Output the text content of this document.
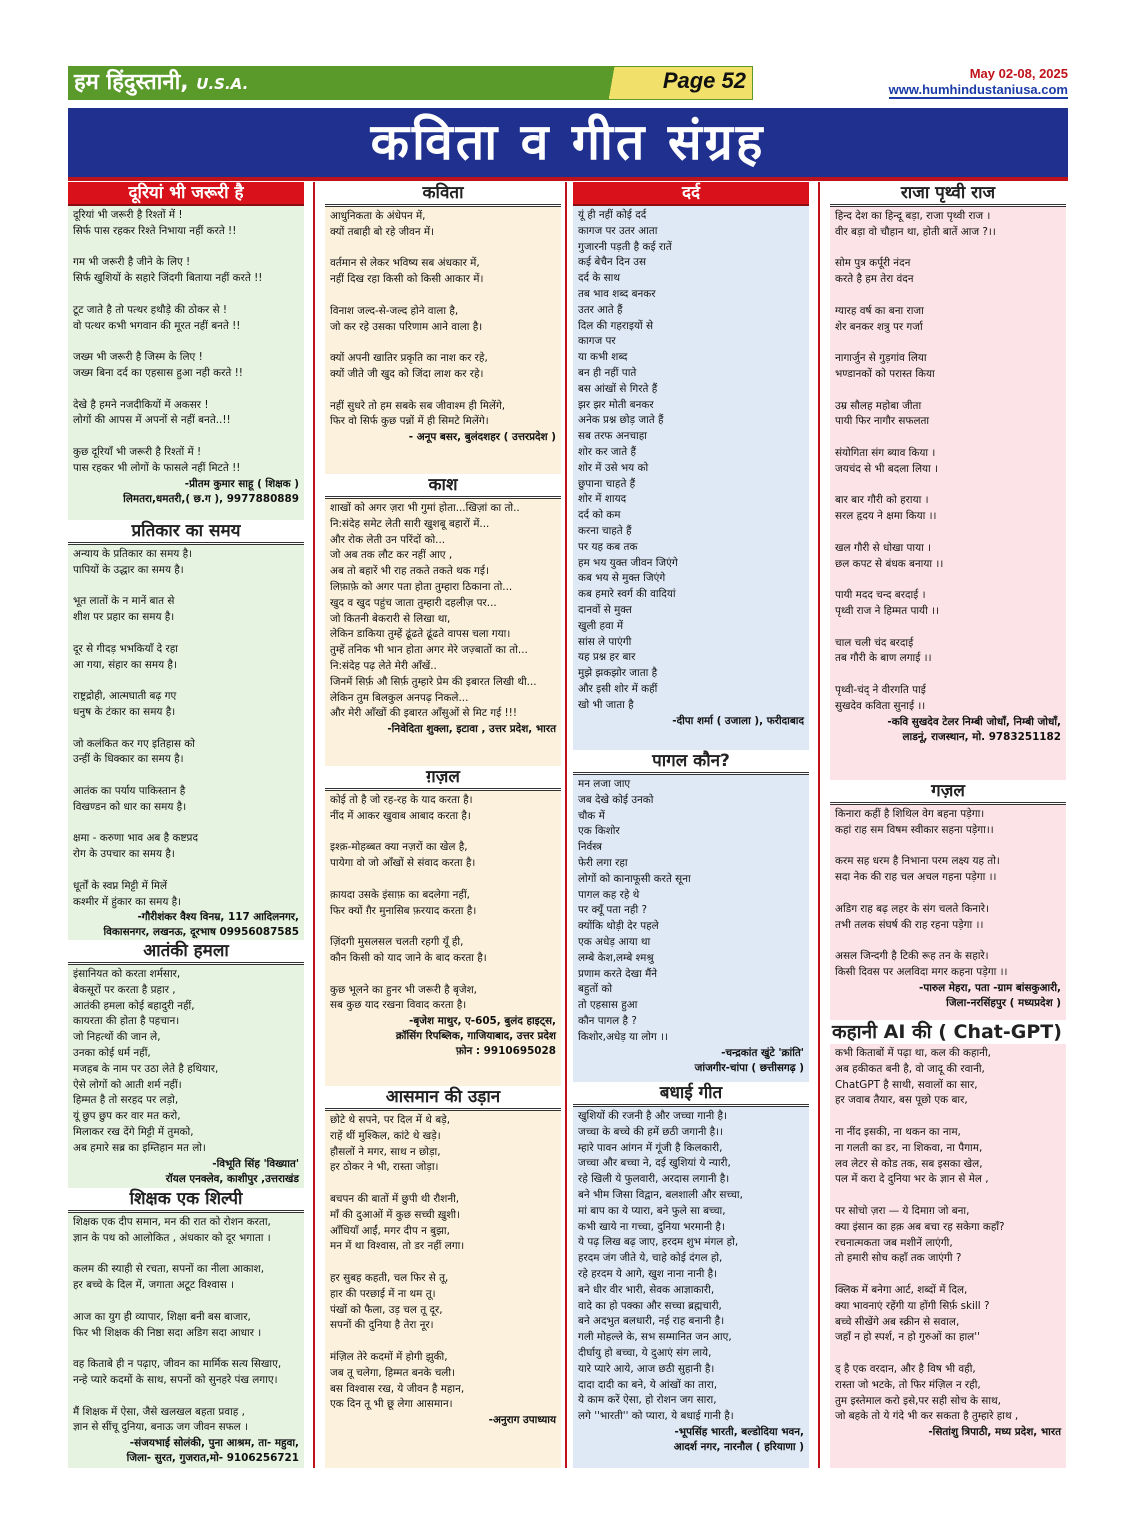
हम हिंदुस्तानी, U.S.A.	Page 52	May 02-08, 2025
www.humhindustaniusa.com
कविता व गीत संग्रह
दूरियां भी जरूरी है

दूरियां भी जरूरी है रिश्तों में !
सिर्फ पास रहकर रिश्ते निभाया नहीं करते !!

गम भी जरूरी है जीने के लिए !
सिर्फ खुशियों के सहारे जिंदगी बिताया नहीं करते !!

टूट जाते है तो पत्थर हथौड़े की ठोकर से !
वो पत्थर कभी भगवान की मूरत नहीं बनते !!

जख्म भी जरूरी है जिस्म के लिए !
जख्म बिना दर्द का एहसास हुआ नही करते !!

देखे है हमने नजदीकियों में अकसर !
लोगों की आपस में अपनों से नहीं बनते..!!

कुछ दूरियाँ भी जरूरी है रिश्तों में !
पास रहकर भी लोगों के फासले नहीं मिटते !!

-प्रीतम कुमार साहू ( शिक्षक )
लिमतरा,धमतरी,( छ.ग ), 9977880889
प्रतिकार का समय

अन्याय के प्रतिकार का समय है।
पापियों के उद्धार का समय है।

भूत लातों के न मानें बात से
शीश पर प्रहार का समय है।

दूर से गीदड़ भभकियाँ दे रहा
आ गया, संहार का समय है।

राष्ट्रद्रोही, आत्मघाती बढ़ गए
धनुष के टंकार का समय है।

जो कलंकित कर गए इतिहास को
उन्हीं के धिक्कार का समय है।

आतंक का पर्याय पाकिस्तान है
विखण्डन को धार का समय है।

क्षमा - करुणा भाव अब है कष्टप्रद
रोग के उपचार का समय है।

धूर्तों के स्वप्न मिट्टी में मिलें
कश्मीर में हुंकार का समय है।

-गौरीशंकर वैश्य विनम्र, 117 आदिलनगर,
विकासनगर, लखनऊ, दूरभाष 09956087585
आतंकी हमला

इंसानियत को करता शर्मसार,
बेकसूरों पर करता है प्रहार ,
आतंकी हमला कोई बहादुरी नहीं,
कायरता की होता है पहचान।
जो निहत्थों की जान ले,
उनका कोई धर्म नहीं,
मजहब के नाम पर उठा लेते है हथियार,
ऐसे लोगों को आती शर्म नहीं।
हिम्मत है तो सरहद पर लड़ो,
यूं छुप छुप कर वार मत करो,
मिलाकर रख देंगे मिट्टी में तुमको,
अब हमारे सब्र का इम्तिहान मत लो।

-विभूति सिंह 'विख्यात'
रॉयल एनक्लेव, काशीपुर ,उत्तराखंड
शिक्षक एक शिल्पी

शिक्षक एक दीप समान, मन की रात को रोशन करता,
ज्ञान के पथ को आलोकित , अंधकार को दूर भगाता ।

कलम की स्याही से रचता, सपनों का नीला आकाश,
हर बच्चे के दिल में, जगाता अटूट विश्वास ।

आज का युग ही व्यापार, शिक्षा बनी बस बाजार,
फिर भी शिक्षक की निष्ठा सदा अडिग सदा आधार ।

वह किताबे ही न पढ़ाए, जीवन का मार्मिक सत्य सिखाए,
नन्हे प्यारे कदमों के साथ, सपनों को सुनहरे पंख लगाए।

मैं शिक्षक में ऐसा, जैसे खलखल बहता प्रवाह ,
ज्ञान से सींचू दुनिया, बनाऊ जग जीवन सफल ।

-संजयभाई सोलंकी, पुना आश्रम, ता- महुवा,
जिला- सुरत, गुजरात,मो- 9106256721
कविता

आधुनिकता के अंधेपन में,
क्यों तबाही बो रहे जीवन में।

वर्तमान से लेकर भविष्य सब अंधकार में,
नहीं दिख रहा किसी को किसी आकार में।

विनाश जल्द-से-जल्द होने वाला है,
जो कर रहे उसका परिणाम आने वाला है।

क्यों अपनी खातिर प्रकृति का नाश कर रहे,
क्यों जीते जी खुद को जिंदा लाश कर रहे।

नहीं सुधरे तो हम सबके सब जीवाश्म ही मिलेंगे,
फिर वो सिर्फ कुछ पन्नों में ही सिमटे मिलेंगे।

- अनूप बसर, बुलंदशहर ( उत्तरप्रदेश )
काश

शाखों को अगर ज़रा भी गुमां होता...खिज़ां का तो..
नि:संदेह समेट लेती सारी खुशबू बहारों में...
और रोक लेती उन परिंदों को...
जो अब तक लौट कर नहीं आए ,
अब तो बहारें भी राह तकते तकते थक गई।
लिफ़ाफ़े को अगर पता होता तुम्हारा ठिकाना तो...
खुद व खुद पहुंच जाता तुम्हारी दहलीज़ पर...
जो कितनी बेकरारी से लिखा था,
लेकिन डाकिया तुम्हें ढूंढते ढूंढते वापस चला गया।
तुम्हें तनिक भी भान होता अगर मेरे जज़्बातों का तो...
नि:संदेह पढ़ लेते मेरी आँखें..
जिनमें सिर्फ़ औ सिर्फ़ तुम्हारे प्रेम की इबारत लिखी थी...
लेकिन तुम बिलकुल अनपढ़ निकले...
और मेरी आँखों की इबारत आँसुओं से मिट गई !!!

-निवेदिता शुक्ला, इटावा , उत्तर प्रदेश, भारत
ग़ज़ल

कोई तो है जो रह-रह के याद करता है।
नींद में आकर खुवाब आबाद करता है।

इश्क़-मोहब्बत क्या नज़रों का खेल है,
पायेगा वो जो आँखों से संवाद करता है।

क़ायदा उसके इंसाफ़ का बदलेगा नहीं,
फिर क्यों ग़ैर मुनासिब फ़रयाद करता है।

ज़िंदगी मुसलसल चलती रहगी यूँ ही,
कौन किसी को याद जाने के बाद करता है।

कुछ भूलने का हुनर भी जरूरी है बृजेश,
सब कुछ याद रखना विवाद करता है।

-बृजेश माथुर, ए-605, बुलंद हाइट्स,
क्रॉसिंग रिपब्लिक, गाजियाबाद, उत्तर प्रदेश
फ़ोन : 9910695028
आसमान की उड़ान

छोटे थे सपने, पर दिल में थे बड़े,
राहें थीं मुश्किल, कांटे थे खड़े।
हौसलों ने मगर, साथ न छोड़ा,
हर ठोकर ने भी, रास्ता जोड़ा।

बचपन की बातों में छुपी थी रौशनी,
माँ की दुआओं में कुछ सच्ची ख़ुशी।
आँधियाँ आईं, मगर दीप न बुझा,
मन में था विश्वास, तो डर नहीं लगा।

हर सुबह कहती, चल फिर से तू,
हार की परछाई में ना थम तू।
पंखों को फैला, उड़ चल तू दूर,
सपनों की दुनिया है तेरा नूर।

मंज़िल तेरे कदमों में होगी झुकी,
जब तू चलेगा, हिम्मत बनके चली।
बस विश्वास रख, ये जीवन है महान,
एक दिन तू भी छू लेगा आसमान।

-अनुराग उपाध्याय
दर्द

यूं ही नहीं कोई दर्द
कागज पर उतर आता
गुजारनी पड़ती है कई रातें
कई बेचैन दिन उस
दर्द के साथ
तब भाव शब्द बनकर
उतर आते हैं
दिल की गहराइयों से
कागज पर
या कभी शब्द
बन ही नहीं पाते
बस आंखों से गिरते हैं
झर झर मोती बनकर
अनेक प्रश्न छोड़ जाते हैं
सब तरफ अनचाहा
शोर कर जाते हैं
शोर में उसे भय को
छुपाना चाहते हैं
शोर में शायद
दर्द को कम
करना चाहते हैं
पर यह कब तक
हम भय युक्त जीवन जिएंगे
कब भय से मुक्त जिएंगे
कब हमारे स्वर्ग की वादियां
दानवों से मुक्त
खुली हवा में
सांस ले पाएंगी
यह प्रश्न हर बार
मुझे झकझोर जाता है
और इसी शोर में कहीं
खो भी जाता है

-दीपा शर्मा ( उजाला ), फरीदाबाद
पागल कौन?

मन लजा जाए
जब देखे कोई उनको
चौक में
एक किशोर
निर्वस्त्र
फेरी लगा रहा
लोगों को कानाफूसी करते सूना
पागल कह रहे थे
पर क्यूँ पता नही ?
क्योंकि थोड़ी देर पहले
एक अधेड़ आया था
लम्बे केश,लम्बे श्मश्रु
प्रणाम करते देखा मैंने
बहुतों को
तो एहसास हुआ
कौन पागल है ?
किशोर,अधेड़ या लोग ।।

-चन्द्रकांत खुंटे 'क्रांति'
जांजगीर-चांपा ( छत्तीसगढ़ )
बधाई गीत

खुशियों की रजनी है और जच्चा गानी है।
जच्चा के बच्चे की हमें छठी जगानी है।।
म्हारे पावन आंगन में गूंजी है किलकारी,
जच्चा और बच्चा ने, दई खुशियां ये न्यारी,
रहे खिली ये फुलवारी, अरदास लगानी है।
बने भीम जिसा विद्वान, बलशाली और सच्चा,
मां बाप का ये प्यारा, बने फुले सा बच्चा,
कभी खाये ना गच्चा, दुनिया भरमानी है।
ये पढ़ लिख बढ़ जाए, हरदम शुभ मंगल हो,
हरदम जंग जीते ये, चाहे कोई दंगल हो,
रहे हरदम ये आगे, खुश नाना नानी है।
बने धीर वीर भारी, सेवक आज्ञाकारी,
वादे का हो पक्का और सच्चा ब्रह्मचारी,
बने अदभुत बलधारी, नई राह बनानी है।
गली मोहल्ले के, सभ सम्मानित जन आए,
दीर्घायु हो बच्चा, ये दुआएं संग लाये,
यारे प्यारे आये, आज छठी सुहानी है।
दादा दादी का बने, ये आंखों का तारा,
ये काम करें ऐसा, हो रोशन जग सारा,
लगे ''भारती'' को प्यारा, ये बधाई गानी है।

-भूपसिंह भारती, बल्डोदिया भवन,
आदर्श नगर, नारनौल ( हरियाणा )
राजा पृथ्वी राज

हिन्द देश का हिन्दू बड़ा, राजा पृथ्वी राज ।
वीर बड़ा वो चौहान था, होती बातें आज ?।।

सोम पुत्र कर्पूरी नंदन
करते है हम तेरा वंदन

ग्यारह वर्ष का बना राजा
शेर बनकर शत्रु पर गर्जा

नागार्जुन से गुड़गांव लिया
भण्डानकों को परास्त किया

उम्र सौलह महोबा जीता
पायी फिर नागौर सफलता

संयोगिता संग ब्याव किया ।
जयचंद से भी बदला लिया ।

बार बार गौरी को हराया ।
सरल हृदय ने क्षमा किया ।।

खल गौरी से धोखा पाया ।
छल कपट से बंधक बनाया ।।

पायी मदद चन्द बरदाई ।
पृथ्वी राज ने हिम्मत पायी ।।

चाल चली चंद बरदाई
तब गौरी के बाण लगाई ।।

पृथ्वी-चंद् ने वीरगति पाई
सुखदेव कविता सुनाई ।।

-कवि सुखदेव टेलर निम्बी जोधाँ, निम्बी जोधाँ,
लाडनूं, राजस्थान, मो. 9783251182
गज़ल

किनारा कहीं है शिथिल वेग बहना पड़ेगा।
कहां राह सम विषम स्वीकार सहना पड़ेगा।।

करम सह धरम है निभाना परम लक्ष्य यह तो।
सदा नेक की राह चल अचल गहना पड़ेगा ।।

अडिग राह बढ़ लहर के संग चलते किनारे।
तभी तलक संघर्ष की राह रहना पड़ेगा ।।

असल जिन्दगी है टिकी रूह तन के सहारे।
किसी दिवस पर अलविदा मगर कहना पड़ेगा ।।

-पारुल मेहरा, पता -ग्राम बांसकुआरी,
जिला-नरसिंहपुर ( मध्यप्रदेश )
कहानी AI की ( Chat-GPT)

कभी किताबों में पढ़ा था, कल की कहानी,
अब हकीकत बनी है, वो जादू की रवानी,
ChatGPT है साथी, सवालों का सार,
हर जवाब तैयार, बस पूछो एक बार,

ना नींद इसकी, ना थकन का नाम,
ना गलती का डर, ना शिकवा, ना पैगाम,
लव लेटर से कोड तक, सब इसका खेल,
पल में करा दे दुनिया भर के ज्ञान से मेल ,

पर सोचो ज़रा — ये दिमाग़ जो बना,
क्या इंसान का हक़ अब बचा रह सकेगा कहाँ?
रचनात्मकता जब मशीनें लाएंगी,
तो हमारी सोच कहाँ तक जाएंगी ?

क्लिक में बनेगा आर्ट, शब्दों में दिल,
क्या भावनाएं रहेंगी या होंगी सिर्फ़ skill ?
बच्चे सीखेंगे अब स्क्रीन से सवाल,
जहाँ न हो स्पर्श, न हो गुरुओं का हाल''

ड् है एक वरदान, और है विष भी वही,
रास्ता जो भटके, तो फिर मंज़िल न रही,
तुम इस्तेमाल करो इसे,पर सही सोच के साथ,
जो बहके तो ये गंदे भी कर सकता है तुम्हारे हाथ ,

-सितांशु त्रिपाठी, मध्य प्रदेश, भारत
